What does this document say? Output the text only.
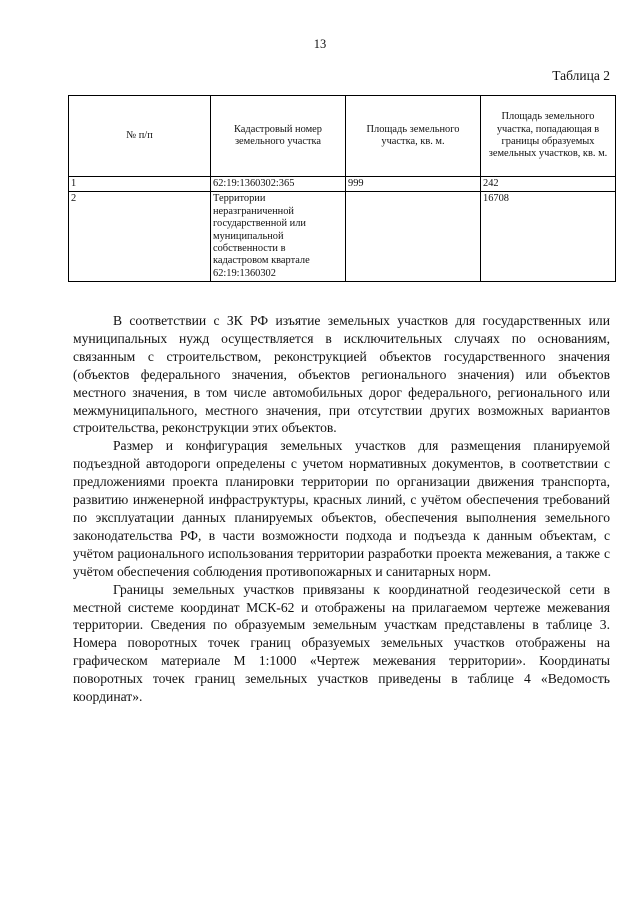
13
Таблица 2
№ п/п	Кадастровый номер земельного участка	Площадь земельного участка, кв. м.	Площадь земельного участка, попадающая в границы образуемых земельных участков, кв. м.
1	62:19:1360302:365	999	242
2	Территории неразграниченной государственной или муниципальной собственности в кадастровом квартале 62:19:1360302		16708

В соответствии с ЗК РФ изъятие земельных участков для государственных или муниципальных нужд осуществляется в исключительных случаях по основаниям, связанным с строительством, реконструкцией объектов государственного значения (объектов федерального значения, объектов регионального значения) или объектов местного значения, в том числе автомобильных дорог федерального, регионального или межмуниципального, местного значения, при отсутствии других возможных вариантов строительства, реконструкции этих объектов.

Размер и конфигурация земельных участков для размещения планируемой подъездной автодороги определены с учетом нормативных документов, в соответствии с предложениями проекта планировки территории по организации движения транспорта, развитию инженерной инфраструктуры, красных линий, с учётом обеспечения требований по эксплуатации данных планируемых объектов, обеспечения выполнения земельного законодательства РФ, в части возможности подхода и подъезда к данным объектам, с учётом рационального использования территории разработки проекта межевания, а также с учётом обеспечения соблюдения противопожарных и санитарных норм.

Границы земельных участков привязаны к координатной геодезической сети в местной системе координат МСК-62 и отображены на прилагаемом чертеже межевания территории. Сведения по образуемым земельным участкам представлены в таблице 3. Номера поворотных точек границ образуемых земельных участков отображены на графическом материале М 1:1000 «Чертеж межевания территории». Координаты поворотных точек границ земельных участков приведены в таблице 4 «Ведомость координат».
